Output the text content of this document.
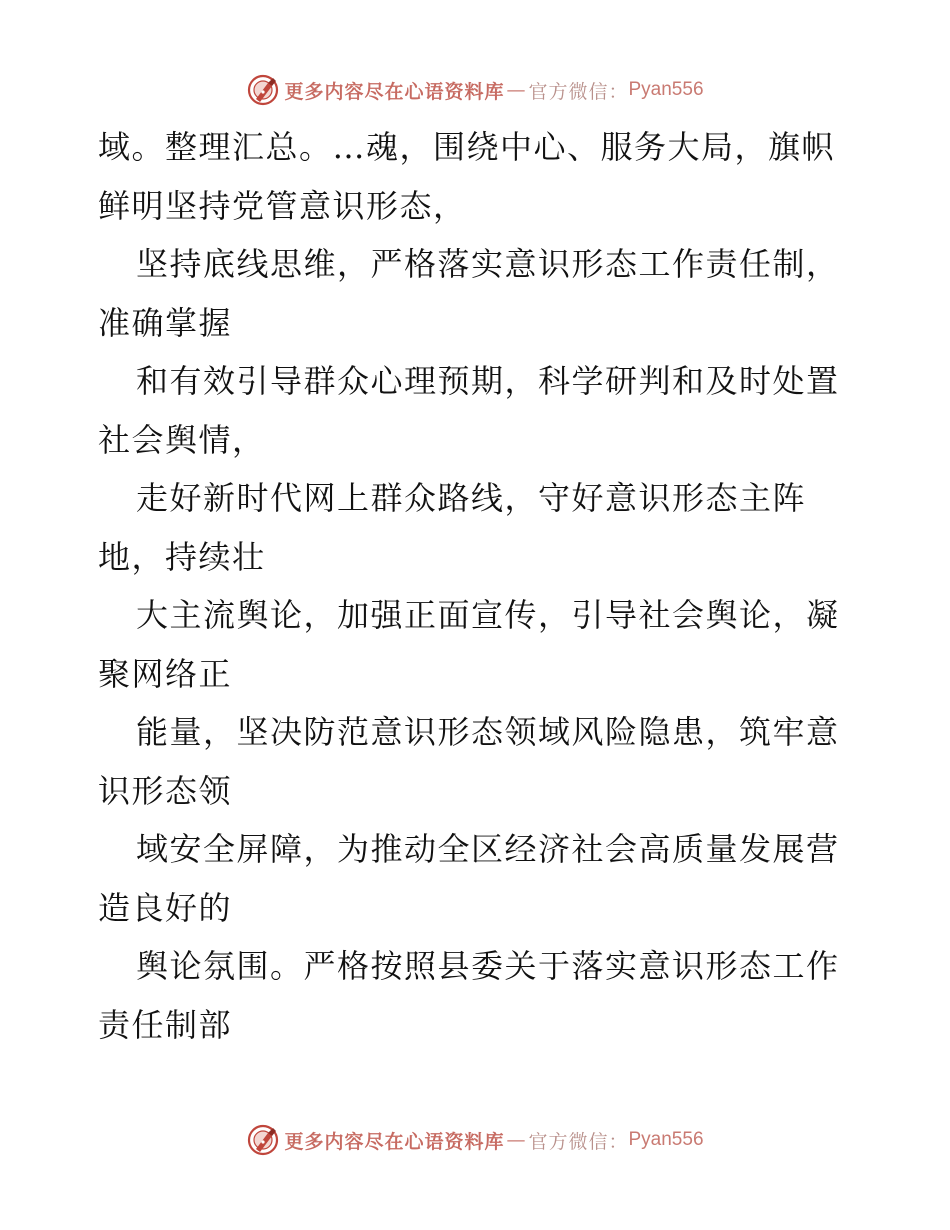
更多内容尽在心语资料库 — 官方微信： Pyan556

域。整理汇总。…魂，围绕中心、服务大局，旗帜

鲜明坚持党管意识形态，

坚持底线思维，严格落实意识形态工作责任制，

准确掌握

和有效引导群众心理预期，科学研判和及时处置

社会舆情，

走好新时代网上群众路线，守好意识形态主阵

地，持续壮

大主流舆论，加强正面宣传，引导社会舆论，凝

聚网络正

能量，坚决防范意识形态领域风险隐患，筑牢意

识形态领

域安全屏障，为推动全区经济社会高质量发展营

造良好的

舆论氛围。严格按照县委关于落实意识形态工作

责任制部

更多内容尽在心语资料库 — 官方微信： Pyan556
